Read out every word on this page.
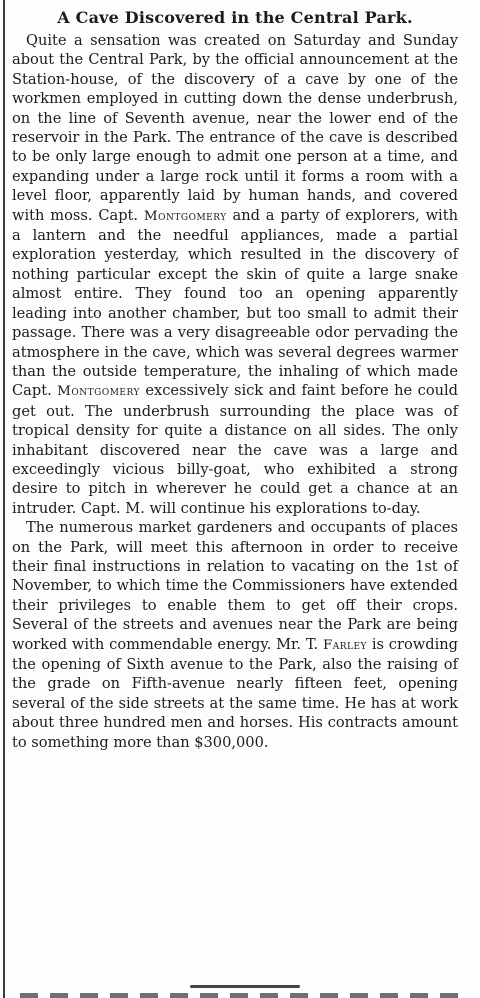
A Cave Discovered in the Central Park.

Quite a sensation was created on Saturday and Sunday about the Central Park, by the official announcement at the Station-house, of the discovery of a cave by one of the workmen employed in cutting down the dense underbrush, on the line of Seventh avenue, near the lower end of the reservoir in the Park. The entrance of the cave is described to be only large enough to admit one person at a time, and expanding under a large rock until it forms a room with a level floor, apparently laid by human hands, and covered with moss. Capt. Montgomery and a party of explorers, with a lantern and the needful appliances, made a partial exploration yesterday, which resulted in the discovery of nothing particular except the skin of quite a large snake almost entire. They found too an opening apparently leading into another chamber, but too small to admit their passage. There was a very disagreeable odor pervading the atmosphere in the cave, which was several degrees warmer than the outside temperature, the inhaling of which made Capt. Montgomery excessively sick and faint before he could get out. The underbrush surrounding the place was of tropical density for quite a distance on all sides. The only inhabitant discovered near the cave was a large and exceedingly vicious billy-goat, who exhibited a strong desire to pitch in wherever he could get a chance at an intruder. Capt. M. will continue his explorations to-day.

The numerous market gardeners and occupants of places on the Park, will meet this afternoon in order to receive their final instructions in relation to vacating on the 1st of November, to which time the Commissioners have extended their privileges to enable them to get off their crops. Several of the streets and avenues near the Park are being worked with commendable energy. Mr. T. Farley is crowding the opening of Sixth avenue to the Park, also the raising of the grade on Fifth-avenue nearly fifteen feet, opening several of the side streets at the same time. He has at work about three hundred men and horses. His contracts amount to something more than $300,000.
